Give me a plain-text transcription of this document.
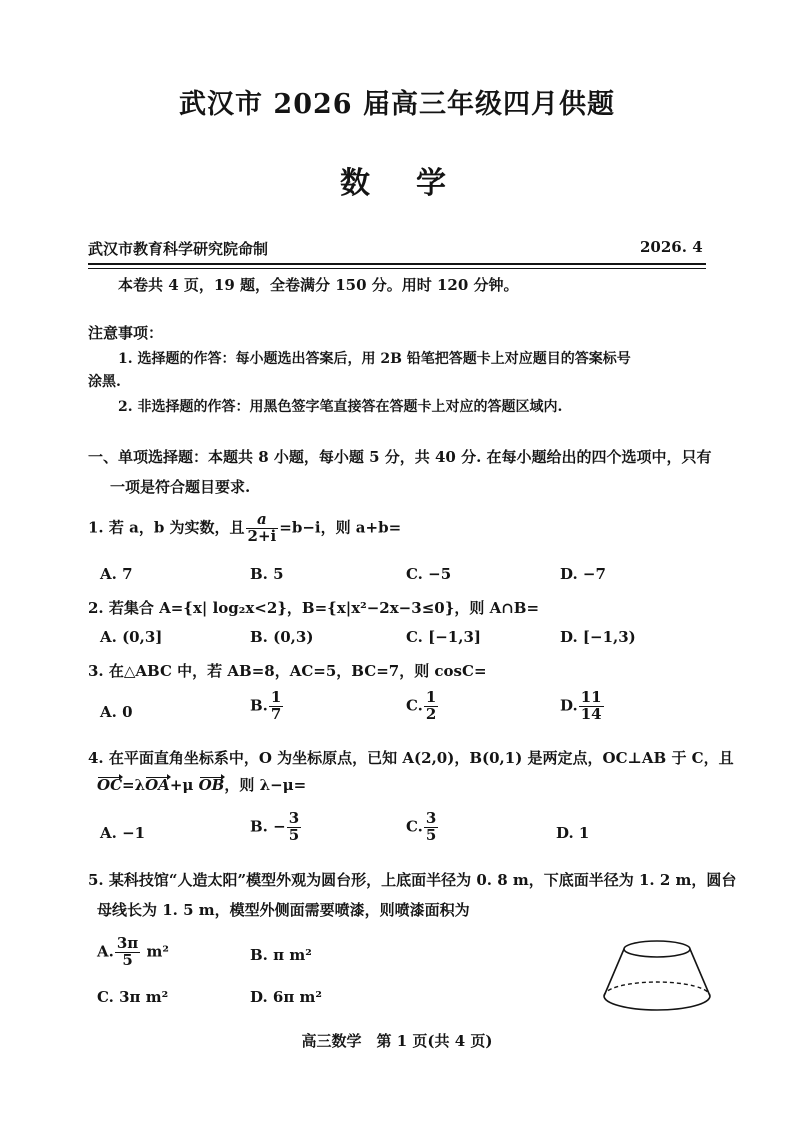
武汉市 2026 届高三年级四月供题
数　学
武汉市教育科学研究院命制	2026. 4
本卷共 4 页，19 题，全卷满分 150 分。用时 120 分钟。
注意事项：
1. 选择题的作答：每小题选出答案后，用 2B 铅笔把答题卡上对应题目的答案标号
涂黑.
2. 非选择题的作答：用黑色签字笔直接答在答题卡上对应的答题区域内.
一、单项选择题：本题共 8 小题，每小题 5 分，共 40 分. 在每小题给出的四个选项中，只有
一项是符合题目要求.
1. 若 a，b 为实数，且 $\frac{a}{2+i} =b-i$，则 a+b=
A. 7	B. 5	C. −5	D. −7
2. 若集合 A={x| log₂x<2}，B={x|x²−2x−3≤0}，则 A∩B=
A. (0,3]	B. (0,3)	C. [−1,3]	D. [−1,3)
3. 在△ABC 中，若 AB=8，AC=5，BC=7，则 cosC=
A. 0	B. $\frac{1}{7}$	C. $\frac{1}{2}$	D. $\frac{11}{14}$
4. 在平面直角坐标系中，O 为坐标原点，已知 A(2,0)，B(0,1) 是两定点，OC⊥AB 于 C，且
OC=λOA+μ OB，则 λ−μ=
A. −1	B. − $\frac{3}{5}$	C. $\frac{3}{5}$	D. 1
5. 某科技馆“人造太阳”模型外观为圆台形，上底面半径为 0. 8 m，下底面半径为 1. 2 m，圆台
母线长为 1. 5 m，模型外侧面需要喷漆，则喷漆面积为
A. $\frac{3\pi}{5} m^2$	B. π m²
C. 3π m²	D. 6π m²
高三数学　第 1 页(共 4 页)
